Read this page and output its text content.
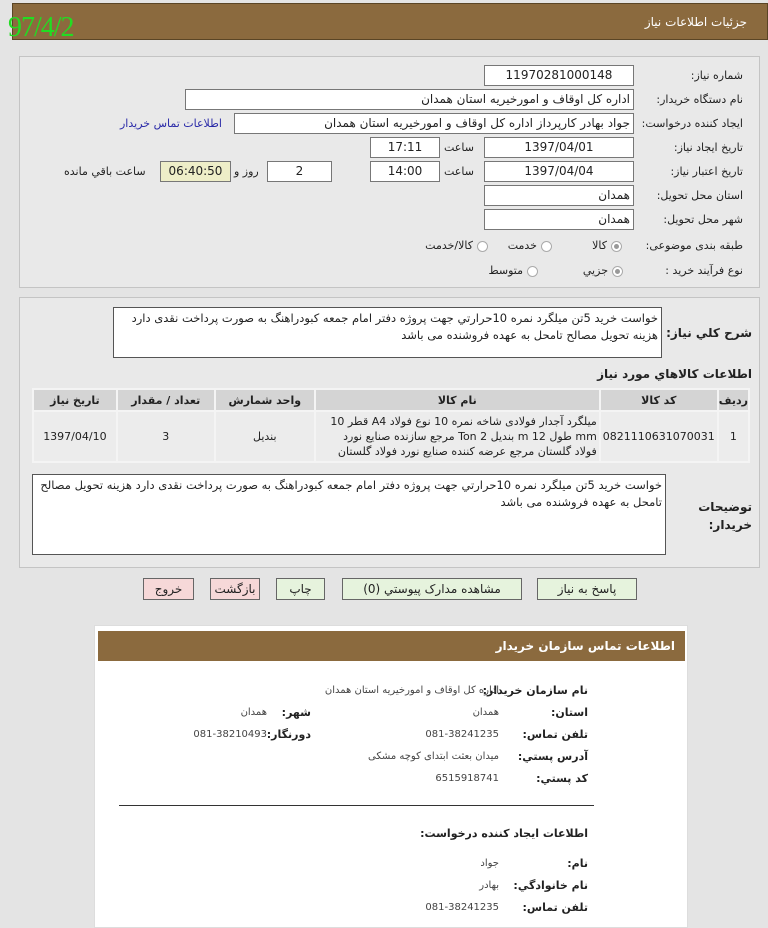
جزئيات اطلاعات نياز
97/4/2
شماره نياز:
1197028100014‌8
نام دستگاه خريدار:
اداره کل اوقاف و امورخيريه استان همدان
ايجاد كننده درخواست:
جواد بهادر کارپرداز اداره کل اوقاف و امورخيريه استان همدان
اطلاعات تماس خريدار
تاريخ ايجاد نياز:
1397/04/01
ساعت
17:11
تاريخ اعتبار نياز:
1397/04/04
ساعت
14:00
2
روز و
06:40:50
ساعت باقي مانده
استان محل تحويل:
همدان
شهر محل تحويل:
همدان
طبقه بندی موضوعی:
کالا
خدمت
کالا/خدمت
نوع فرآيند خريد :
جزيي
متوسط
شرح كلي نياز:
خواست خريد 5تن ميلگرد نمره 10حرارتي جهت پروژه دفتر امام جمعه کبودراهنگ به صورت پرداخت نقدی دارد هزينه تحويل مصالح تامحل به عهده فروشنده می باشد
اطلاعات كالاهاي مورد نياز
رديف	كد كالا	نام كالا	واحد شمارش	تعداد / مقدار	تاريخ نياز
1	0821110631070031	ميلگرد آجدار فولادی شاخه نمره 10 نوع فولاد A4 قطر 10 mm طول 12 m بنديل 2 Ton مرجع سازنده صنايع نورد فولاد گلستان مرجع عرضه کننده صنايع نورد فولاد گلستان	بنديل	3	1397/04/10
توضيحات خريدار:
خواست خريد 5تن ميلگرد نمره 10حرارتي جهت پروژه دفتر امام جمعه کبودراهنگ به صورت پرداخت نقدی دارد هزينه تحويل مصالح تامحل به عهده فروشنده می باشد
پاسخ به نياز
مشاهده مدارک پيوستي (0)
چاپ
بازگشت
خروج
اطلاعات تماس سازمان خريدار
نام سازمان خريدار:
اداره کل اوقاف و امورخيريه استان همدان
استان:
همدان
شهر:
همدان
تلفن تماس:
081-38241235
دورنگار:
081-38210493
آدرس پستي:
ميدان بعثت ابتدای کوچه مشکی
کد پستي:
6515918741
اطلاعات ايجاد كننده درخواست:
نام:
جواد
نام خانوادگي:
بهادر
تلفن تماس:
081-38241235
